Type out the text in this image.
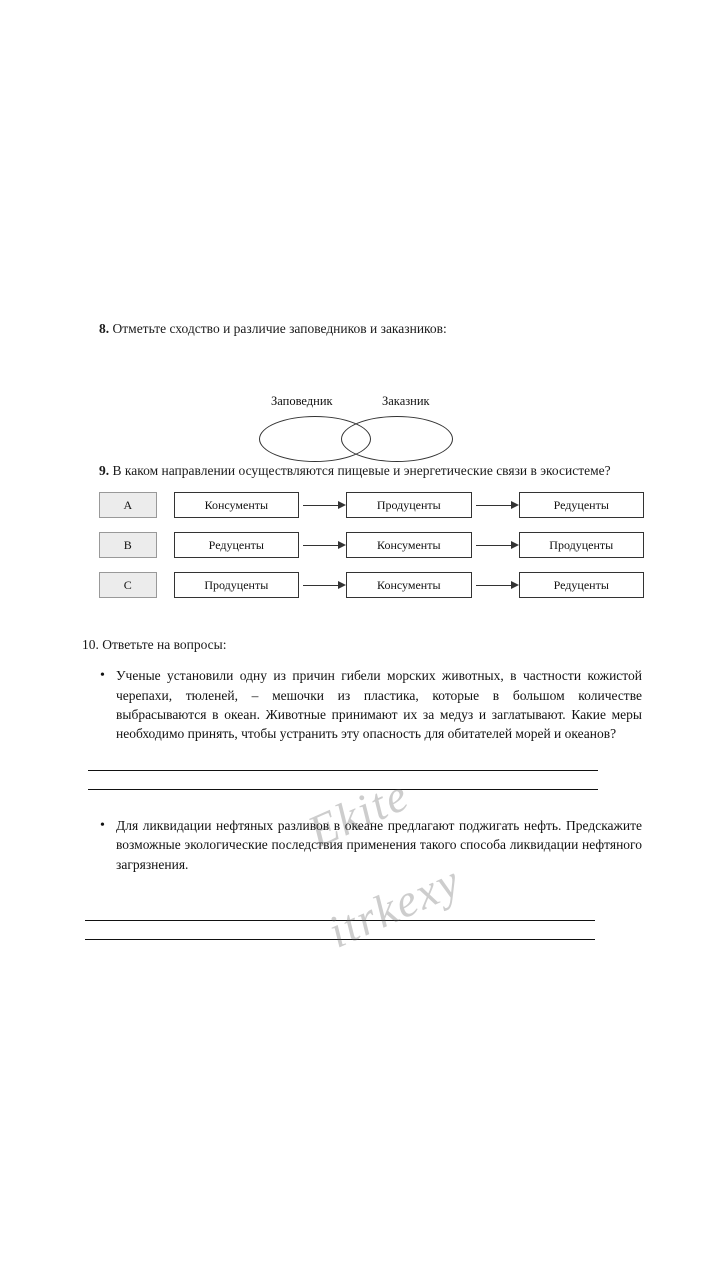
8. Отметьте сходство и различие заповедников и заказников:
Заповедник	Заказник
9. В каком направлении осуществляются пищевые и энергетические связи в экосистеме?
A	Консументы	Продуценты	Редуценты
B	Редуценты	Консументы	Продуценты
C	Продуценты	Консументы	Редуценты
10. Ответьте на вопросы:
• Ученые установили одну из причин гибели морских животных, в частности кожистой черепахи, тюленей, – мешочки из пластика, которые в большом количестве выбрасываются в океан. Животные принимают их за медуз и заглатывают. Какие меры необходимо принять, чтобы устранить эту опасность для обитателей морей и океанов?
• Для ликвидации нефтяных разливов в океане предлагают поджигать нефть. Предскажите возможные экологические последствия применения такого способа ликвидации нефтяного загрязнения.
Ekite
itrkexy
